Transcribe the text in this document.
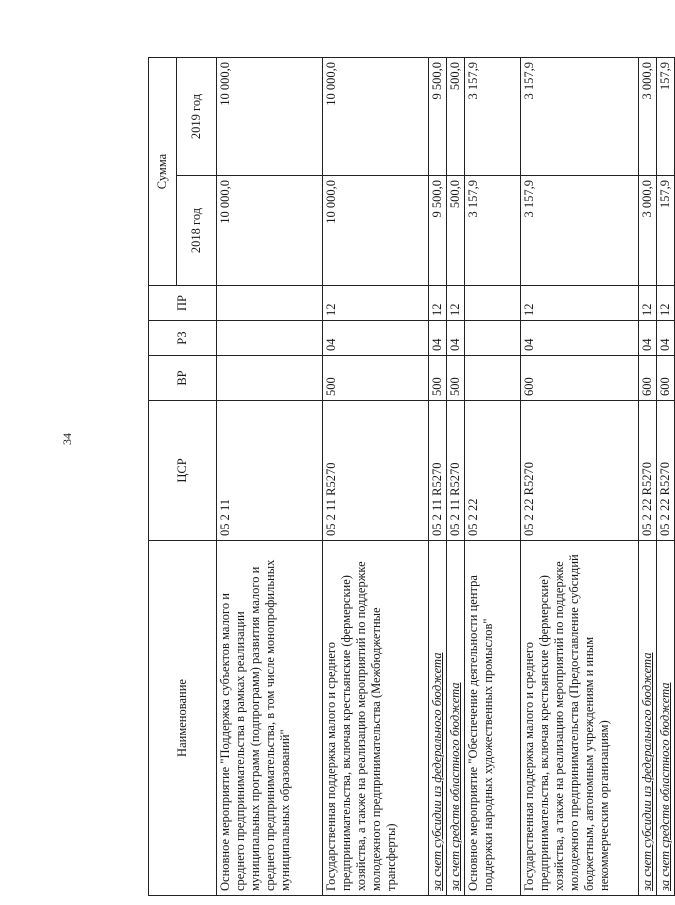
34
Наименование	ЦСР	ВР	РЗ	ПР	Сумма	
					2018 год	2019 год
Основное мероприятие "Поддержка субъектов малого и среднего предпринимательства в рамках реализации муниципальных программ (подпрограмм) развития малого и среднего предпринимательства, в том числе монопрофильных муниципальных образований"	05 2 11				10 000,0	10 000,0
Государственная поддержка малого и среднего предпринимательства, включая крестьянские (фермерские) хозяйства, а также на реализацию мероприятий по поддержке молодежного предпринимательства (Межбюджетные трансферты)	05 2 11 R5270	500	04	12	10 000,0	10 000,0
за счет субсидии из федерального бюджета	05 2 11 R5270	500	04	12	9 500,0	9 500,0
за счет средств областного бюджета	05 2 11 R5270	500	04	12	500,0	500,0
Основное мероприятие "Обеспечение деятельности центра поддержки народных художественных промыслов"	05 2 22				3 157,9	3 157,9
Государственная поддержка малого и среднего предпринимательства, включая крестьянские (фермерские) хозяйства, а также на реализацию мероприятий по поддержке молодежного предпринимательства (Предоставление субсидий бюджетным, автономным учреждениям и иным некоммерческим организациям)	05 2 22 R5270	600	04	12	3 157,9	3 157,9
за счет субсидии из федерального бюджета	05 2 22 R5270	600	04	12	3 000,0	3 000,0
за счет средств областного бюджета	05 2 22 R5270	600	04	12	157,9	157,9
